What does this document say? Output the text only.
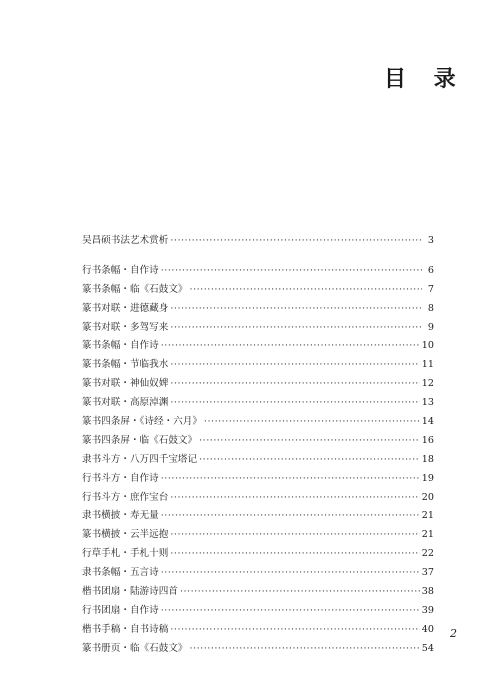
目 录
吴昌硕书法艺术赏析 ·····	3
行书条幅・自作诗 ·····	6
篆书条幅・临《石鼓文》 ·····	7
篆书对联・进德藏身 ·····	8
篆书对联・多驾写来 ·····	9
篆书条幅・自作诗 ·····	10
篆书条幅・节临我水 ·····	11
篆书对联・神仙奴婢 ·····	12
篆书对联・高原淖渊 ·····	13
篆书四条屏・《诗经・六月》 ·····	14
篆书四条屏・临《石鼓文》 ·····	16
隶书斗方・八万四千宝塔记 ·····	18
行书斗方・自作诗 ·····	19
行书斗方・庶作宝台 ·····	20
隶书横披・寿无量 ·····	21
篆书横披・云半远抱 ·····	21
行草手札・手札十则 ·····	22
隶书条幅・五言诗 ·····	37
楷书团扇・陆游诗四首 ·····	38
行书团扇・自作诗 ·····	39
楷书手稿・自书诗稿 ·····	40
篆书册页・临《石鼓文》 ·····	54
2
